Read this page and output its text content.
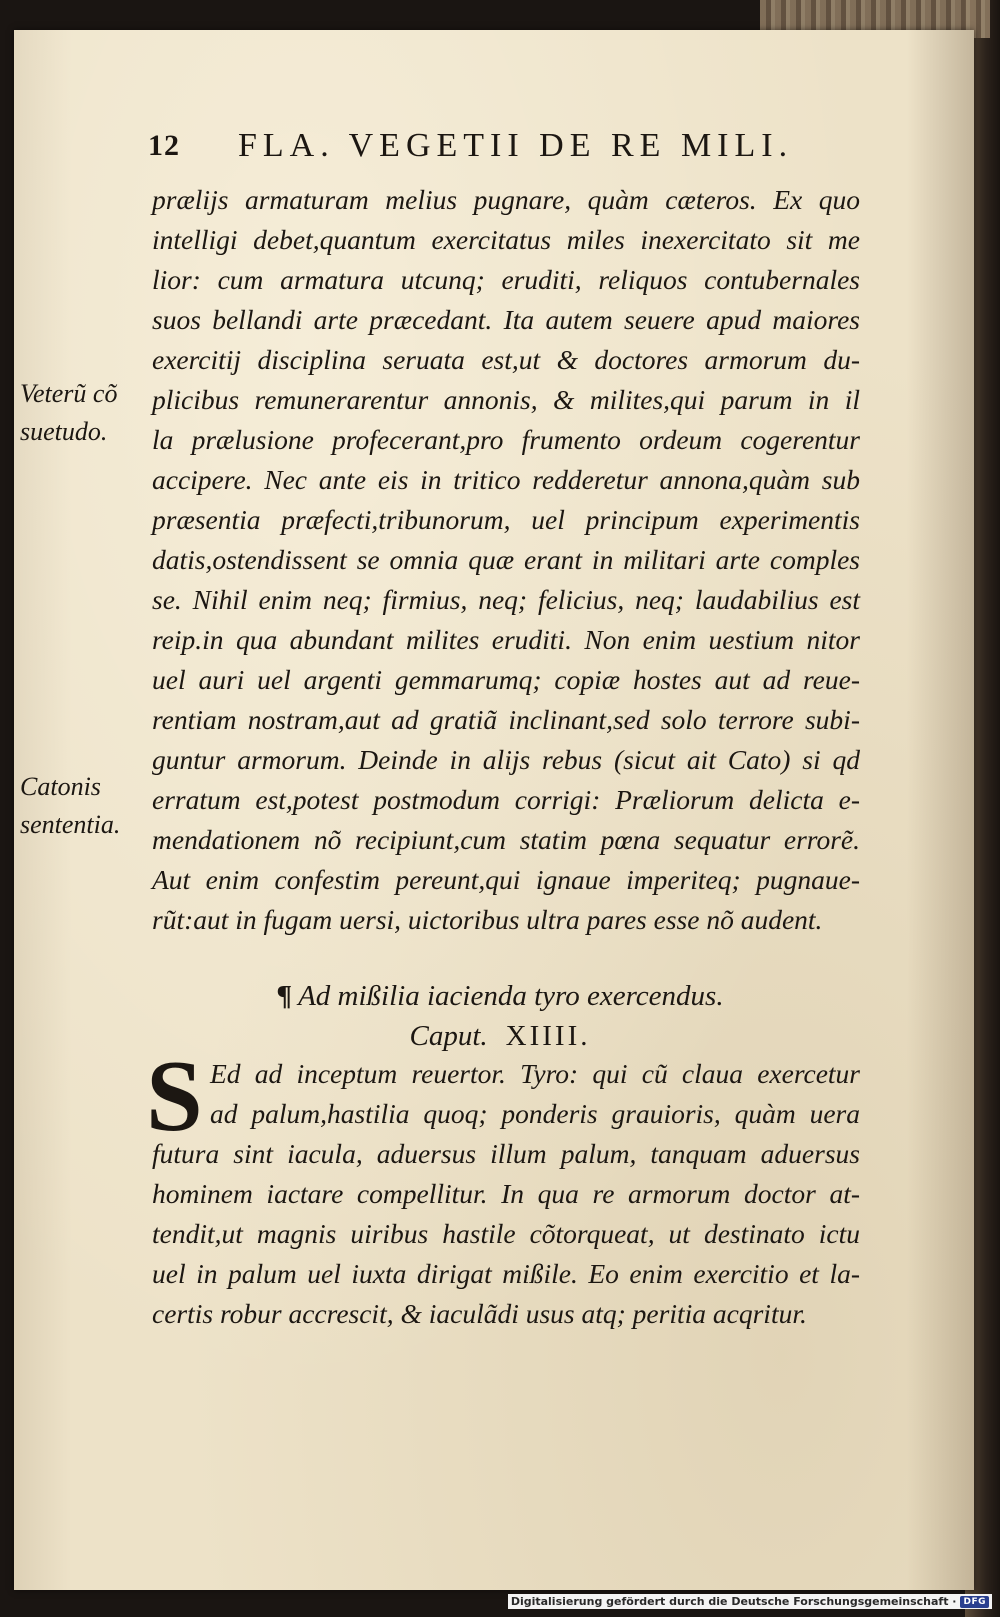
12 FLA. VEGETII DE RE MILI.
prælijs armaturam melius pugnare, quàm cæteros. Ex quo
intelligi debet,quantum exercitatus miles inexercitato sit me
lior: cum armatura utcunq; eruditi, reliquos contubernales
suos bellandi arte præcedant. Ita autem seuere apud maiores
exercitij disciplina seruata est,ut & doctores armorum du-
plicibus remunerarentur annonis, & milites,qui parum in il
la prælusione profecerant,pro frumento ordeum cogerentur
accipere. Nec ante eis in tritico redderetur annona,quàm sub
præsentia præfecti,tribunorum, uel principum experimentis
datis,ostendissent se omnia quæ erant in militari arte comples
se. Nihil enim neq; firmius, neq; felicius, neq; laudabilius est
reip.in qua abundant milites eruditi. Non enim uestium nitor
uel auri uel argenti gemmarumq; copiæ hostes aut ad reue-
rentiam nostram,aut ad gratiã inclinant,sed solo terrore subi-
guntur armorum. Deinde in alijs rebus (sicut ait Cato) si qd
erratum est,potest postmodum corrigi: Præliorum delicta e-
mendationem nõ recipiunt,cum statim pœna sequatur errorẽ.
Aut enim confestim pereunt,qui ignaue imperiteq; pugnaue-
rũt:aut in fugam uersi, uictoribus ultra pares esse nõ audent.
Veterũ cõ
suetudo.
Catonis
sententia.
¶ Ad mißilia iacienda tyro exercendus.
Caput. XIIII.
S Ed ad inceptum reuertor. Tyro: qui cũ claua exercetur
ad palum,hastilia quoq; ponderis grauioris, quàm uera
futura sint iacula, aduersus illum palum, tanquam aduersus
hominem iactare compellitur. In qua re armorum doctor at-
tendit,ut magnis uiribus hastile cõtorqueat, ut destinato ictu
uel in palum uel iuxta dirigat mißile. Eo enim exercitio et la-
certis robur accrescit, & iaculãdi usus atq; peritia acqritur.
Digitalisierung gefördert durch die Deutsche Forschungsgemeinschaft · DFG
